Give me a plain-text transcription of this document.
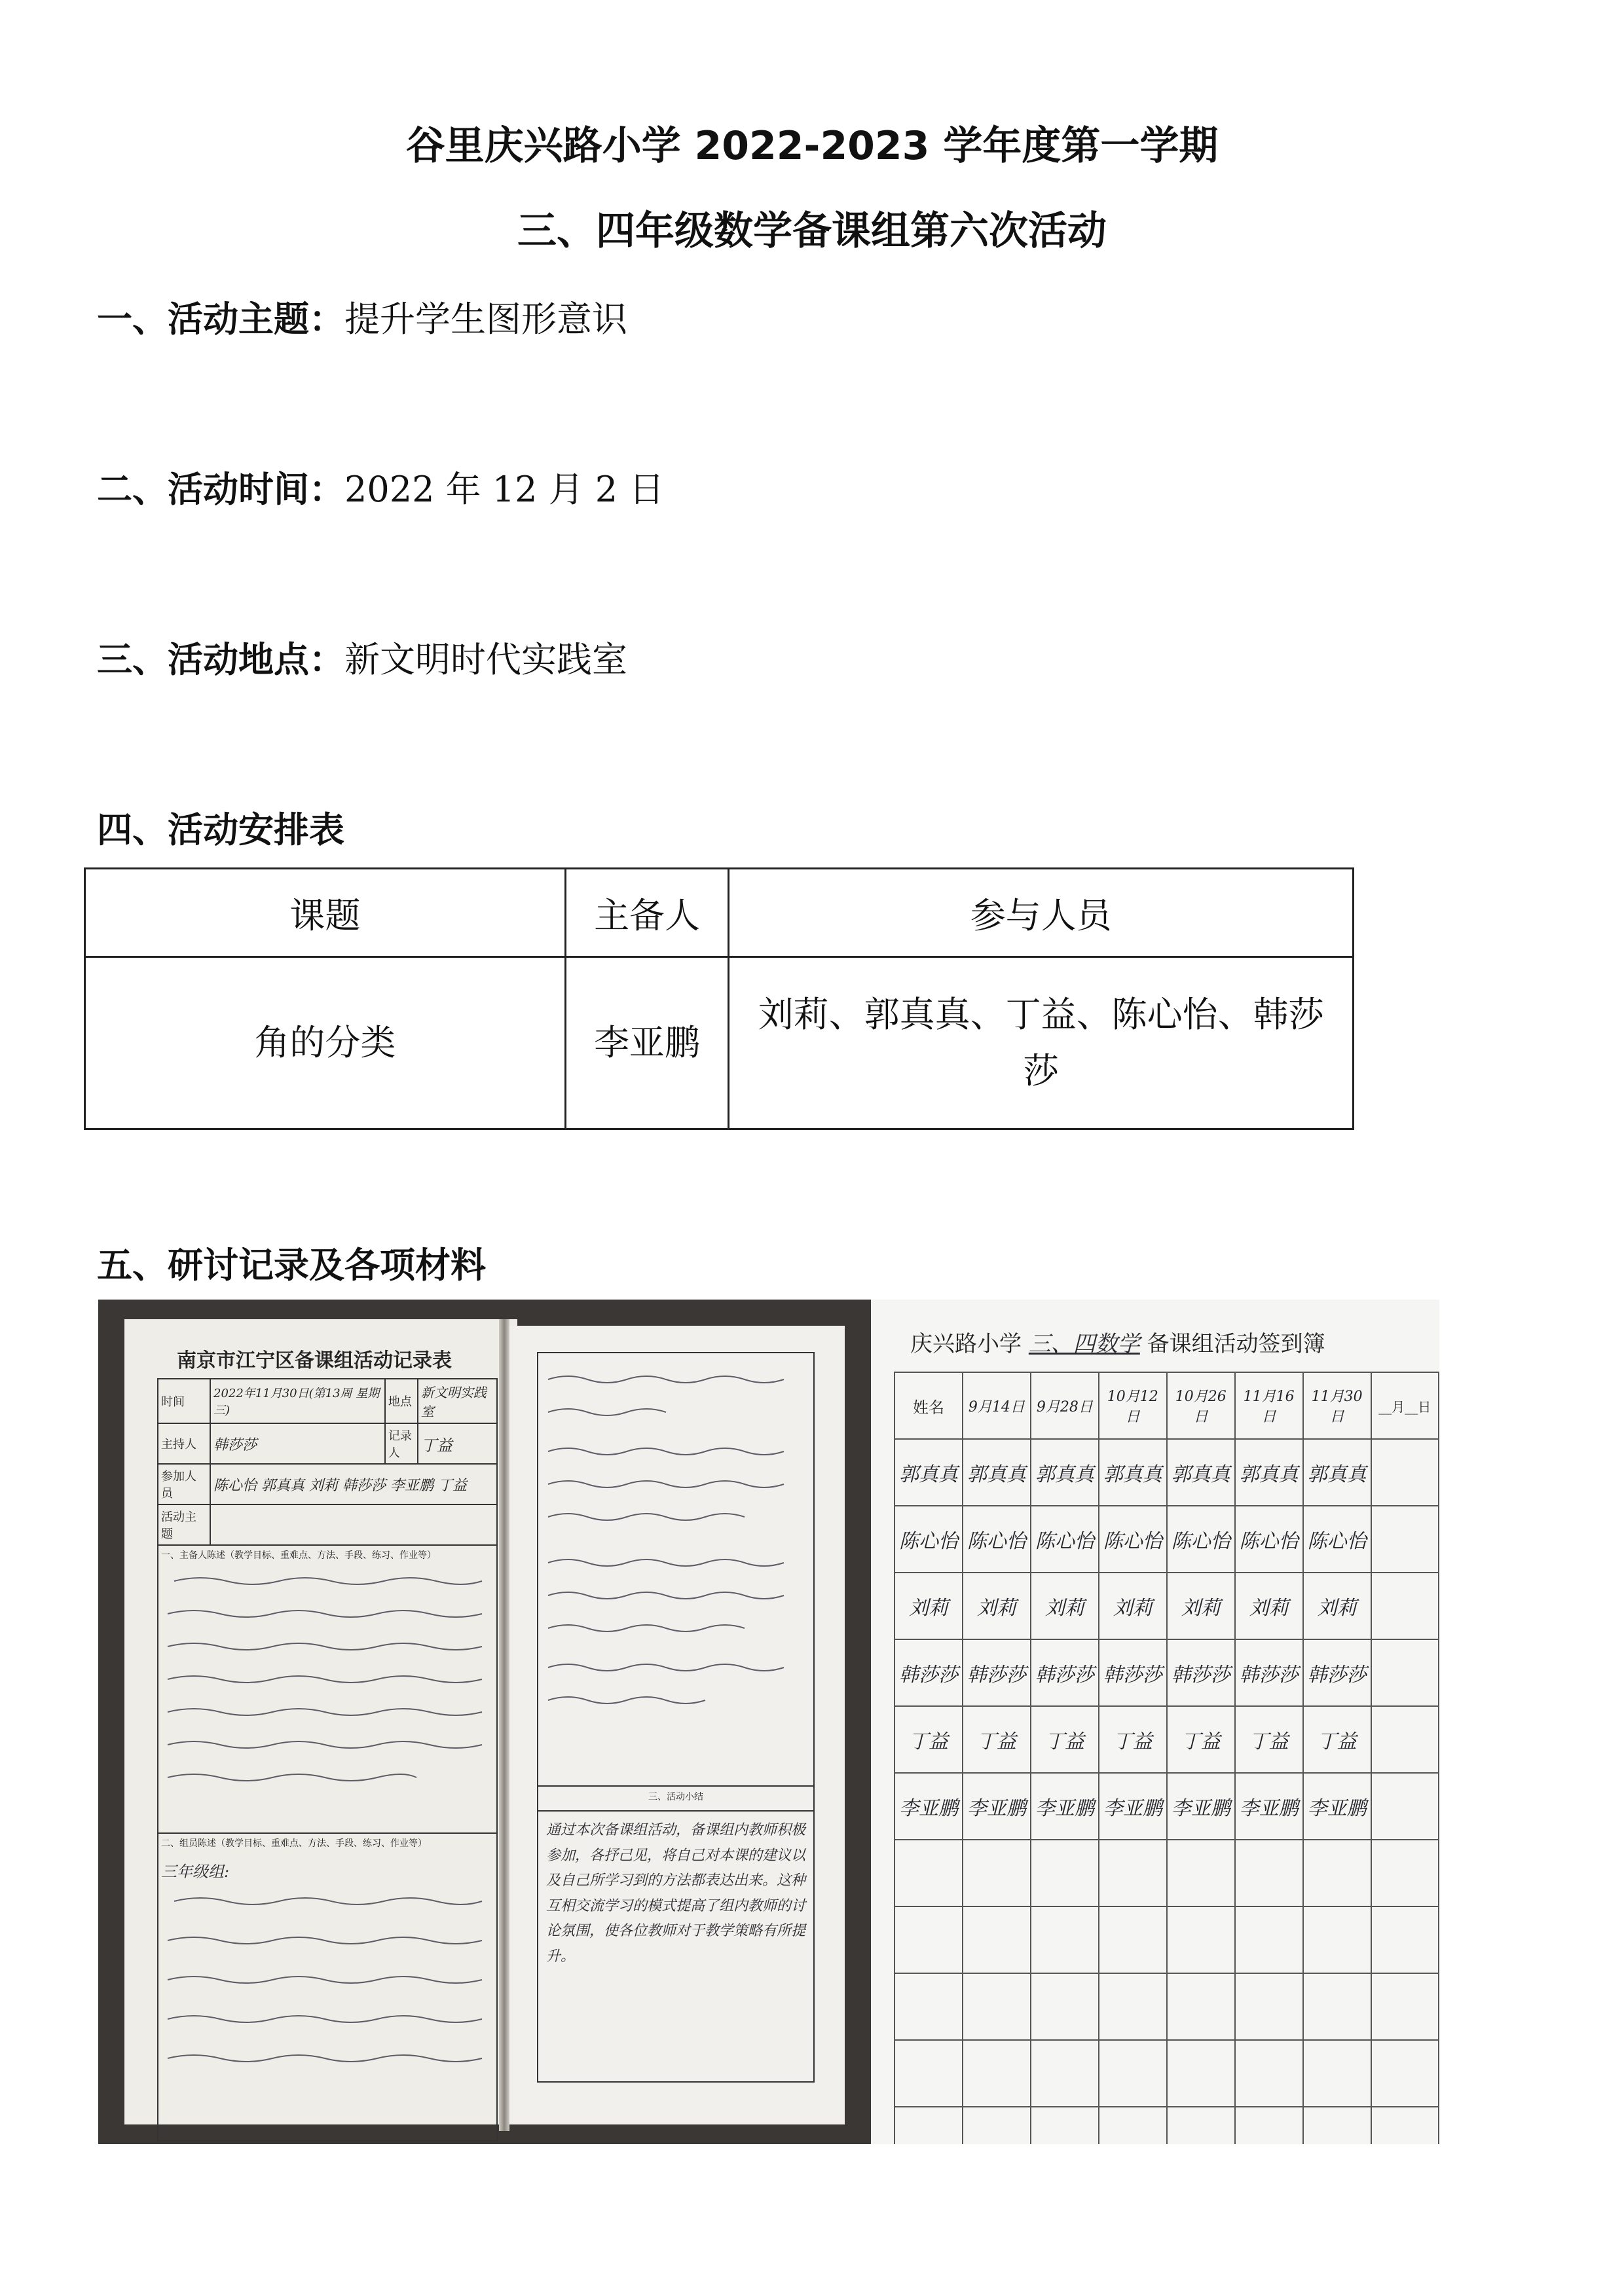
谷里庆兴路小学 2022-2023 学年度第一学期
三、四年级数学备课组第六次活动
一、活动主题：提升学生图形意识
二、活动时间：2022 年 12 月 2 日
三、活动地点：新文明时代实践室
四、活动安排表
课题	主备人	参与人员
角的分类	李亚鹏	刘莉、郭真真、丁益、陈心怡、韩莎莎
五、研讨记录及各项材料
南京市江宁区备课组活动记录表
时间	2022年11月30日(第13周 星期三)	地点	新文明实践室
主持人	韩莎莎	记录人	丁益
参加人员	陈心怡 郭真真 刘莉 韩莎莎 李亚鹏 丁益		
活动主题			

一、主备人陈述（教学目标、重难点、方法、手段、练习、作业等）			

二、组员陈述（教学目标、重难点、方法、手段、练习、作业等）
三年级组:			
三、活动小结
通过本次备课组活动，备课组内教师积极参加，各抒己见，将自己对本课的建议以及自己所学习到的方法都表达出来。这种互相交流学习的模式提高了组内教师的讨论氛围，使各位教师对于教学策略有所提升。
庆兴路小学 三、四数学 备课组活动签到簿
姓名	9月14日	9月28日	10月12日	10月26日	11月16日	11月30日	__月__日
郭真真	郭真真	郭真真	郭真真	郭真真	郭真真	郭真真	
陈心怡	陈心怡	陈心怡	陈心怡	陈心怡	陈心怡	陈心怡	
刘莉	刘莉	刘莉	刘莉	刘莉	刘莉	刘莉	
韩莎莎	韩莎莎	韩莎莎	韩莎莎	韩莎莎	韩莎莎	韩莎莎	
丁益	丁益	丁益	丁益	丁益	丁益	丁益	
李亚鹏	李亚鹏	李亚鹏	李亚鹏	李亚鹏	李亚鹏	李亚鹏	
